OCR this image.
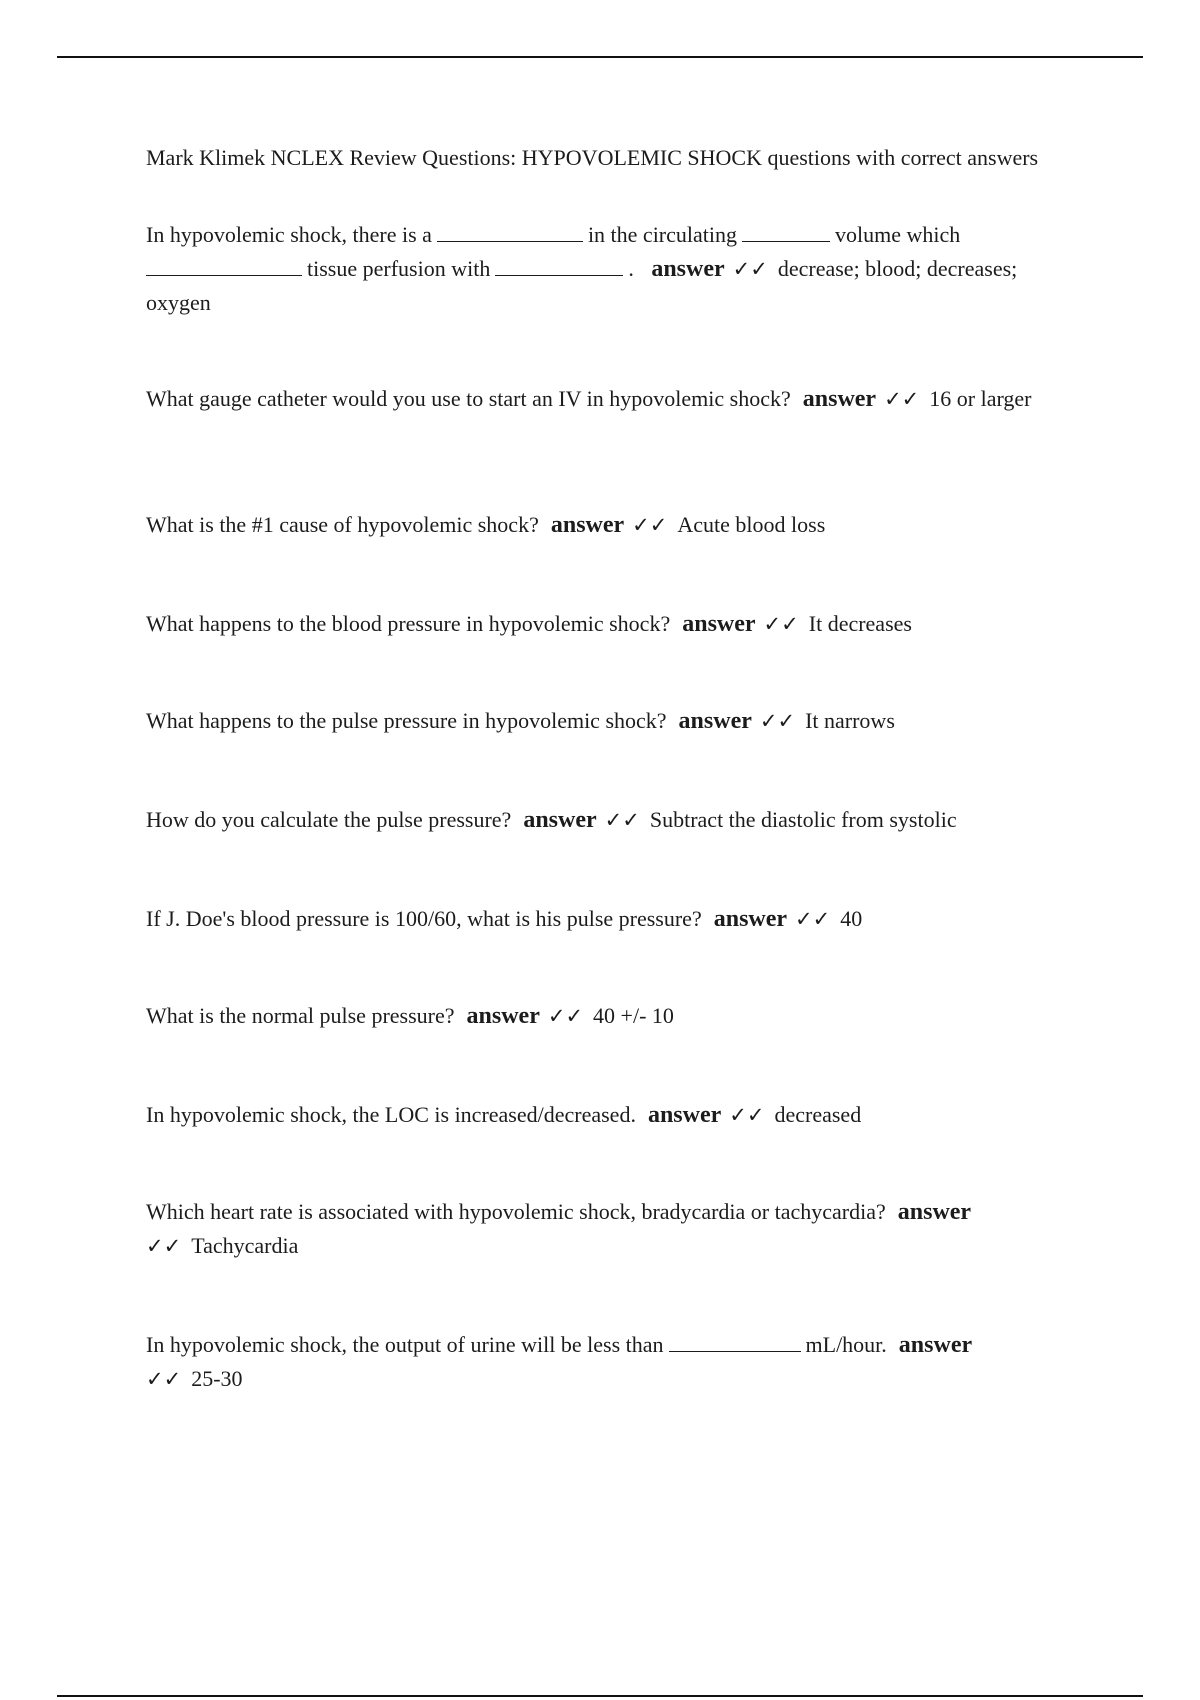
Mark Klimek NCLEX Review Questions: HYPOVOLEMIC SHOCK questions with correct answers
In hypovolemic shock, there is a	in the circulating	volume which
tissue perfusion with	. answer ✓✓ decrease; blood; decreases; oxygen
What gauge catheter would you use to start an IV in hypovolemic shock? answer ✓✓ 16 or larger
What is the #1 cause of hypovolemic shock? answer ✓✓ Acute blood loss
What happens to the blood pressure in hypovolemic shock? answer ✓✓ It decreases
What happens to the pulse pressure in hypovolemic shock? answer ✓✓ It narrows
How do you calculate the pulse pressure? answer ✓✓ Subtract the diastolic from systolic
If J. Doe's blood pressure is 100/60, what is his pulse pressure? answer ✓✓ 40
What is the normal pulse pressure? answer ✓✓ 40 +/- 10
In hypovolemic shock, the LOC is increased/decreased. answer ✓✓ decreased
Which heart rate is associated with hypovolemic shock, bradycardia or tachycardia? answer
✓✓ Tachycardia
In hypovolemic shock, the output of urine will be less than	mL/hour. answer
✓✓ 25-30
